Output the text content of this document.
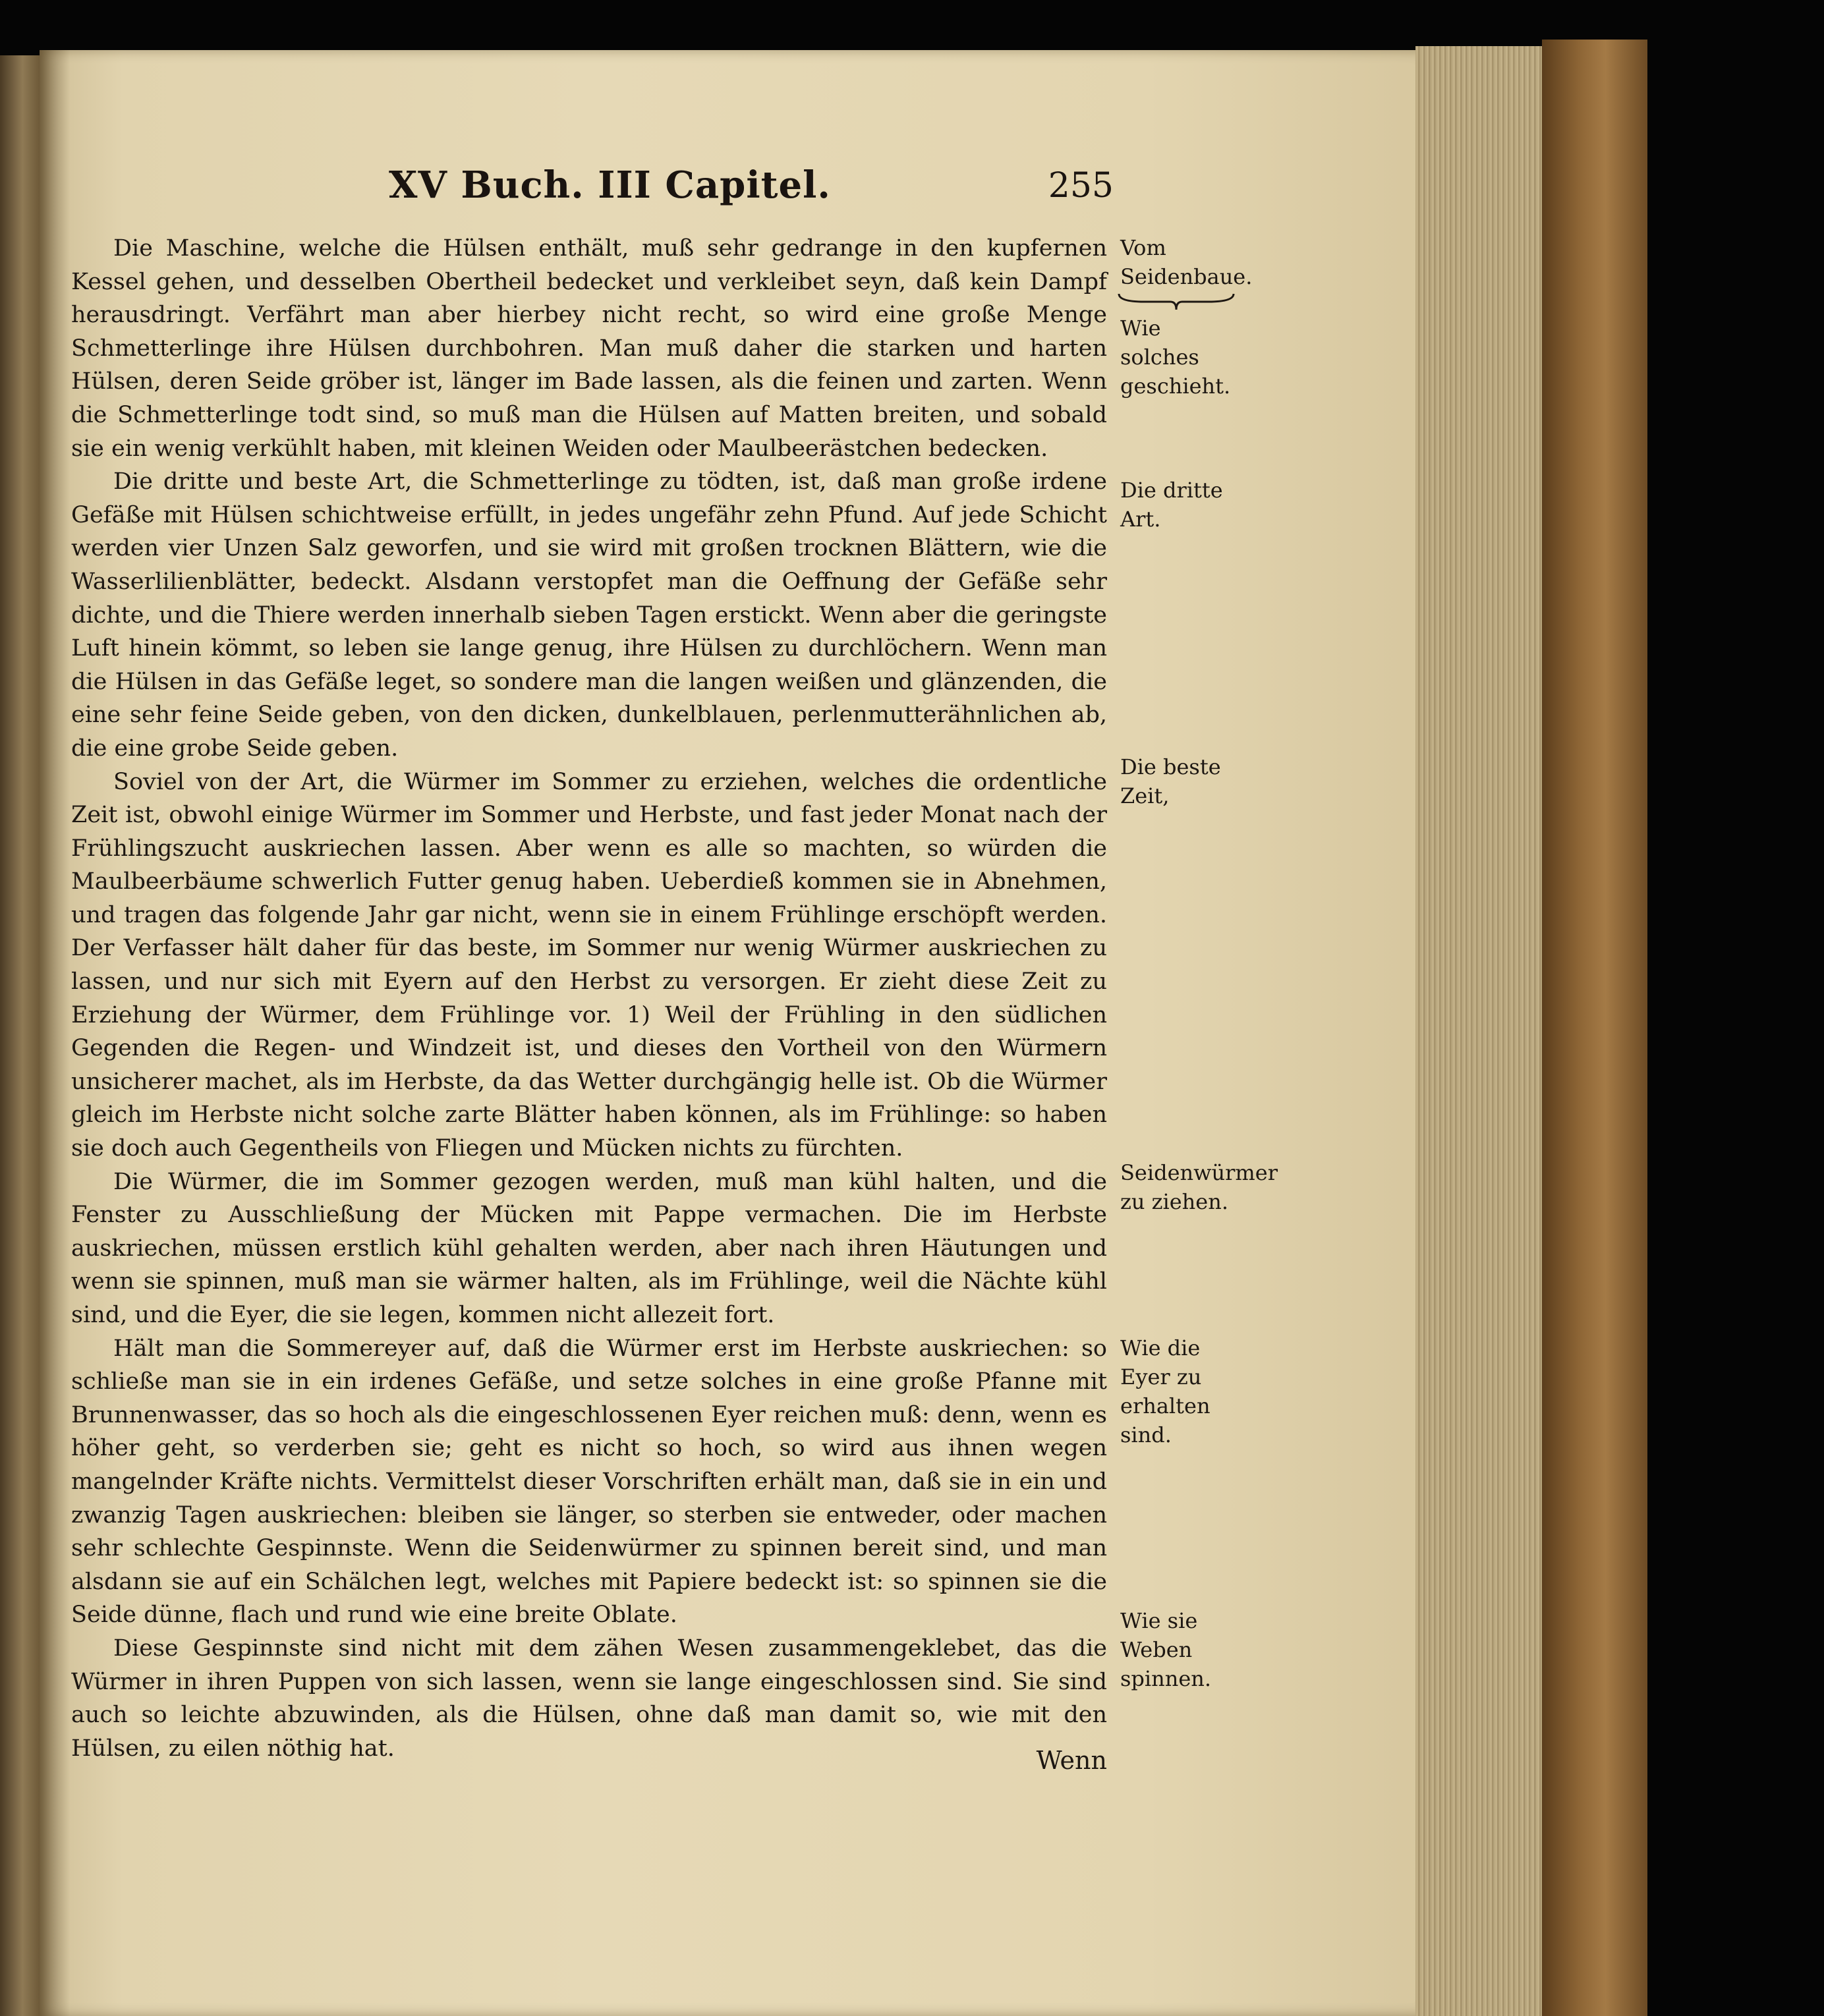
XV Buch. III Capitel.	255

Die Maschine, welche die Hülsen enthält, muß sehr gedrange in den kupfernen Kessel gehen, und desselben Obertheil bedecket und verkleibet seyn, daß kein Dampf herausdringt. Verfährt man aber hierbey nicht recht, so wird eine große Menge Schmetterlinge ihre Hülsen durchbohren. Man muß daher die starken und harten Hülsen, deren Seide gröber ist, länger im Bade lassen, als die feinen und zarten. Wenn die Schmetterlinge todt sind, so muß man die Hülsen auf Matten breiten, und sobald sie ein wenig verkühlt haben, mit kleinen Weiden oder Maulbeerästchen bedecken.

Die dritte und beste Art, die Schmetterlinge zu tödten, ist, daß man große irdene Gefäße mit Hülsen schichtweise erfüllt, in jedes ungefähr zehn Pfund. Auf jede Schicht werden vier Unzen Salz geworfen, und sie wird mit großen trocknen Blättern, wie die Wasserlilienblätter, bedeckt. Alsdann verstopfet man die Oeffnung der Gefäße sehr dichte, und die Thiere werden innerhalb sieben Tagen erstickt. Wenn aber die geringste Luft hinein kömmt, so leben sie lange genug, ihre Hülsen zu durchlöchern. Wenn man die Hülsen in das Gefäße leget, so sondere man die langen weißen und glänzenden, die eine sehr feine Seide geben, von den dicken, dunkelblauen, perlenmutterähnlichen ab, die eine grobe Seide geben.

Soviel von der Art, die Würmer im Sommer zu erziehen, welches die ordentliche Zeit ist, obwohl einige Würmer im Sommer und Herbste, und fast jeder Monat nach der Frühlingszucht auskriechen lassen. Aber wenn es alle so machten, so würden die Maulbeerbäume schwerlich Futter genug haben. Ueberdieß kommen sie in Abnehmen, und tragen das folgende Jahr gar nicht, wenn sie in einem Frühlinge erschöpft werden. Der Verfasser hält daher für das beste, im Sommer nur wenig Würmer auskriechen zu lassen, und nur sich mit Eyern auf den Herbst zu versorgen. Er zieht diese Zeit zu Erziehung der Würmer, dem Frühlinge vor. 1) Weil der Frühling in den südlichen Gegenden die Regen- und Windzeit ist, und dieses den Vortheil von den Würmern unsicherer machet, als im Herbste, da das Wetter durchgängig helle ist. Ob die Würmer gleich im Herbste nicht solche zarte Blätter haben können, als im Frühlinge: so haben sie doch auch Gegentheils von Fliegen und Mücken nichts zu fürchten.

Die Würmer, die im Sommer gezogen werden, muß man kühl halten, und die Fenster zu Ausschließung der Mücken mit Pappe vermachen. Die im Herbste auskriechen, müssen erstlich kühl gehalten werden, aber nach ihren Häutungen und wenn sie spinnen, muß man sie wärmer halten, als im Frühlinge, weil die Nächte kühl sind, und die Eyer, die sie legen, kommen nicht allezeit fort.

Hält man die Sommereyer auf, daß die Würmer erst im Herbste auskriechen: so schließe man sie in ein irdenes Gefäße, und setze solches in eine große Pfanne mit Brunnenwasser, das so hoch als die eingeschlossenen Eyer reichen muß: denn, wenn es höher geht, so verderben sie; geht es nicht so hoch, so wird aus ihnen wegen mangelnder Kräfte nichts. Vermittelst dieser Vorschriften erhält man, daß sie in ein und zwanzig Tagen auskriechen: bleiben sie länger, so sterben sie entweder, oder machen sehr schlechte Gespinnste. Wenn die Seidenwürmer zu spinnen bereit sind, und man alsdann sie auf ein Schälchen legt, welches mit Papiere bedeckt ist: so spinnen sie die Seide dünne, flach und rund wie eine breite Oblate.

Diese Gespinnste sind nicht mit dem zähen Wesen zusammengeklebet, das die Würmer in ihren Puppen von sich lassen, wenn sie lange eingeschlossen sind. Sie sind auch so leichte abzuwinden, als die Hülsen, ohne daß man damit so, wie mit den Hülsen, zu eilen nöthig hat.

Vom Seidenbaue.
Wie solches geschieht.
Die dritte Art.
Die beste Zeit,
Seidenwürmer zu ziehen.
Wie die Eyer zu erhalten sind.
Wie sie Weben spinnen.
Wenn
